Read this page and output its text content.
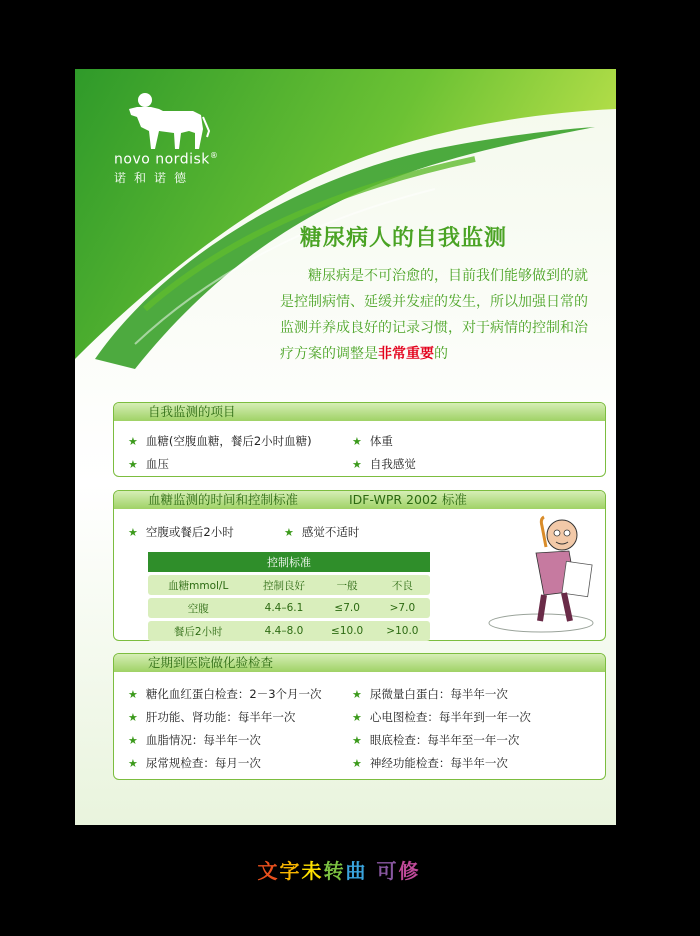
novo nordisk®
诺和诺德
糖尿病人的自我监测
糖尿病是不可治愈的，目前我们能够做到的就是控制病情、延缓并发症的发生，所以加强日常的监测并养成良好的记录习惯，对于病情的控制和治疗方案的调整是非常重要的
自我监测的项目
★ 血糖(空腹血糖，餐后2小时血糖)	★ 体重
★ 血压	★ 自我感觉
血糖监测的时间和控制标准	IDF-WPR 2002 标准
★ 空腹或餐后2小时	★ 感觉不适时
控制标准			
血糖mmol/L	控制良好	一般	不良
空腹	4.4–6.1	≤7.0	>7.0
餐后2小时	4.4–8.0	≤10.0	>10.0
定期到医院做化验检查
★ 糖化血红蛋白检查：2－3个月一次	★ 尿微量白蛋白：每半年一次
★ 肝功能、肾功能：每半年一次	★ 心电图检查：每半年到一年一次
★ 血脂情况：每半年一次	★ 眼底检查：每半年至一年一次
★ 尿常规检查：每月一次	★ 神经功能检查：每半年一次
文字未转曲 可修改
